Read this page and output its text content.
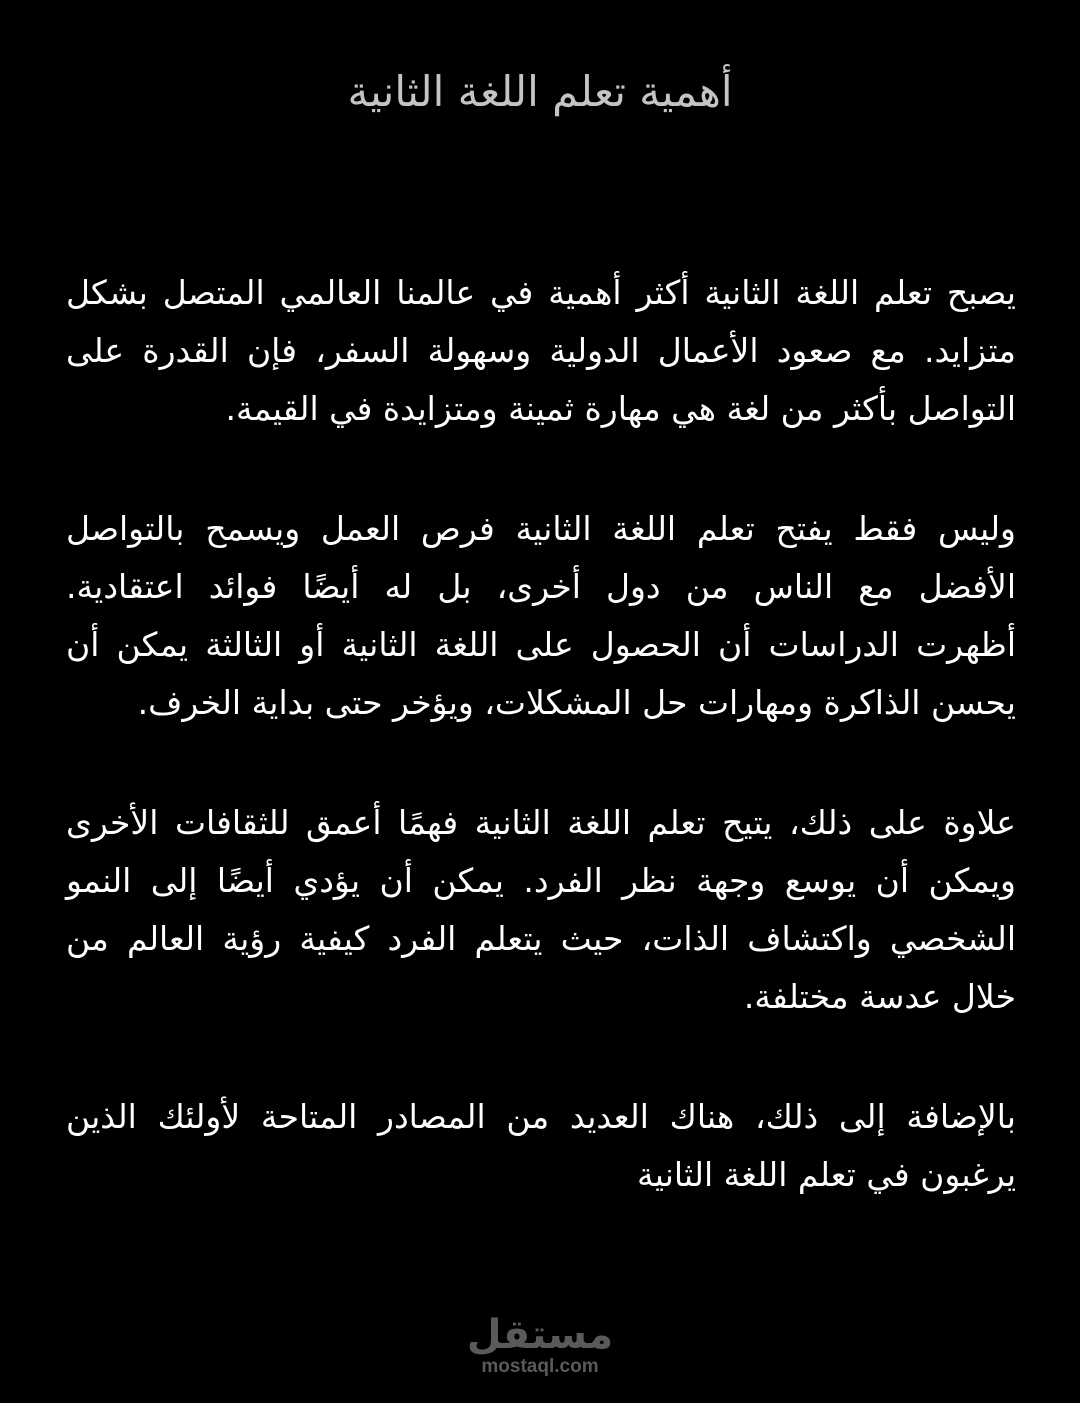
أهمية تعلم اللغة الثانية

يصبح تعلم اللغة الثانية أكثر أهمية في عالمنا العالمي المتصل بشكل
متزايد. مع صعود الأعمال الدولية وسهولة السفر، فإن القدرة على
التواصل بأكثر من لغة هي مهارة ثمينة ومتزايدة في القيمة.

وليس فقط يفتح تعلم اللغة الثانية فرص العمل ويسمح بالتواصل
الأفضل مع الناس من دول أخرى، بل له أيضًا فوائد اعتقادية.
أظهرت الدراسات أن الحصول على اللغة الثانية أو الثالثة يمكن أن
يحسن الذاكرة ومهارات حل المشكلات، ويؤخر حتى بداية الخرف.

علاوة على ذلك، يتيح تعلم اللغة الثانية فهمًا أعمق للثقافات الأخرى
ويمكن أن يوسع وجهة نظر الفرد. يمكن أن يؤدي أيضًا إلى النمو
الشخصي واكتشاف الذات، حيث يتعلم الفرد كيفية رؤية العالم من
خلال عدسة مختلفة.

بالإضافة إلى ذلك، هناك العديد من المصادر المتاحة لأولئك الذين
يرغبون في تعلم اللغة الثانية

مستقل
mostaql.com
